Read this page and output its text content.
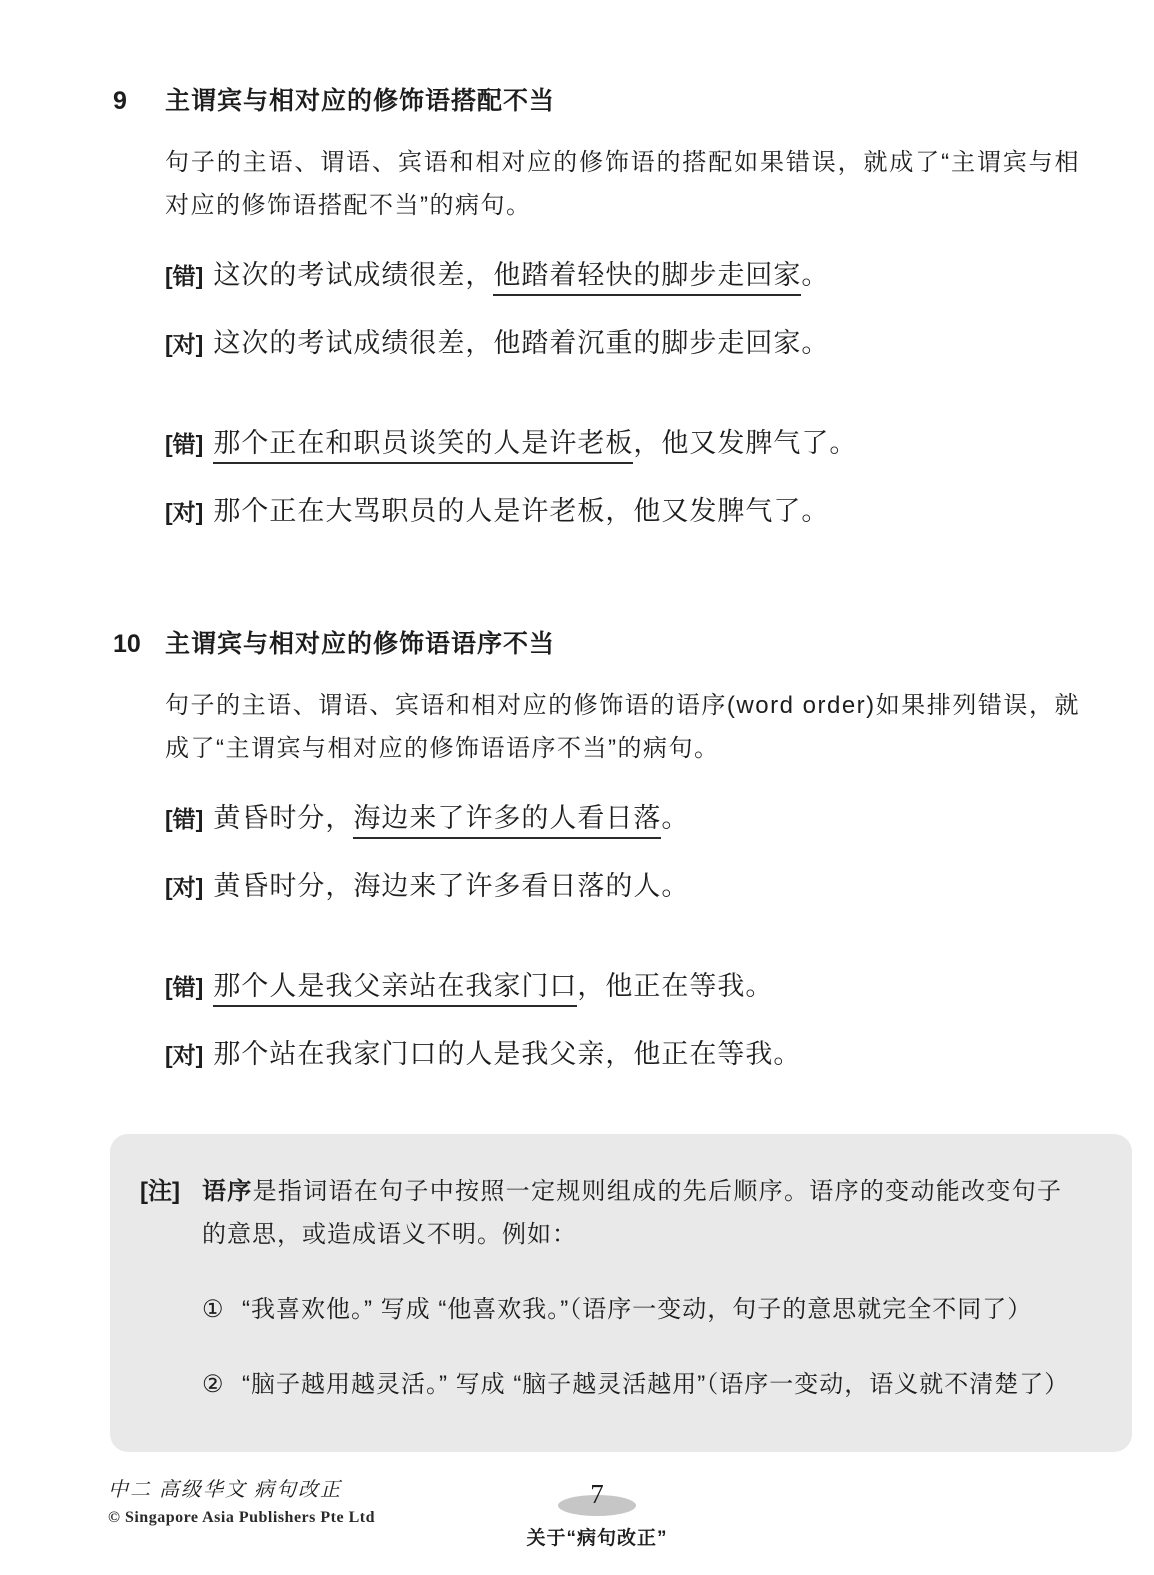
9	主谓宾与相对应的修饰语搭配不当
句子的主语、谓语、宾语和相对应的修饰语的搭配如果错误，就成了“主谓宾与相对应的修饰语搭配不当”的病句。
[错] 这次的考试成绩很差，他踏着轻快的脚步走回家。
[对] 这次的考试成绩很差，他踏着沉重的脚步走回家。
[错] 那个正在和职员谈笑的人是许老板，他又发脾气了。
[对] 那个正在大骂职员的人是许老板，他又发脾气了。
10 主谓宾与相对应的修饰语语序不当
句子的主语、谓语、宾语和相对应的修饰语的语序(word order)如果排列错误，就成了“主谓宾与相对应的修饰语语序不当”的病句。
[错] 黄昏时分，海边来了许多的人看日落。
[对] 黄昏时分，海边来了许多看日落的人。
[错] 那个人是我父亲站在我家门口，他正在等我。
[对] 那个站在我家门口的人是我父亲，他正在等我。
[注] 语序是指词语在句子中按照一定规则组成的先后顺序。语序的变动能改变句子的意思，或造成语义不明。例如：
① “我喜欢他。” 写成 “他喜欢我。”（语序一变动，句子的意思就完全不同了）
② “脑子越用越灵活。” 写成 “脑子越灵活越用”（语序一变动，语义就不清楚了）
中二 高级华文 病句改正
© Singapore Asia Publishers Pte Ltd
7
关于“病句改正”
